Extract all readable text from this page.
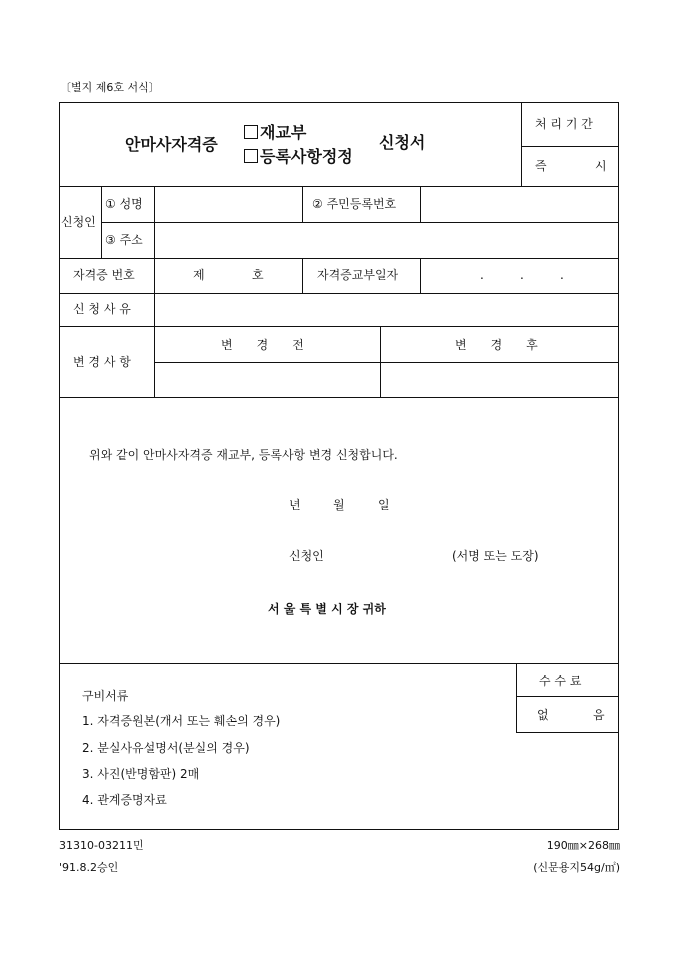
〔별지 제6호 서식〕
안마사자격증
재교부
등록사항정정
신청서
처 리 기 간
즉	시
신청인
① 성명	② 주민등록번호
③ 주소
자격증 번호	제	호	자격증교부일자	.	.	.
신 청 사 유
변 경 사 항
변　　경　　전	변　　경　　후
위와 같이 안마사자격증 재교부, 등록사항 변경 신청합니다.
년	월	일
신청인	(서명 또는 도장)
서 울 특 별 시 장 귀하
구비서류
1. 자격증원본(개서 또는 훼손의 경우)
2. 분실사유설명서(분실의 경우)
3. 사진(반명함판) 2매
4. 관계증명자료
수 수 료
없	음
31310-03211민
'91.8.2승인
190㎜×268㎜
(신문용지54g/㎡)
